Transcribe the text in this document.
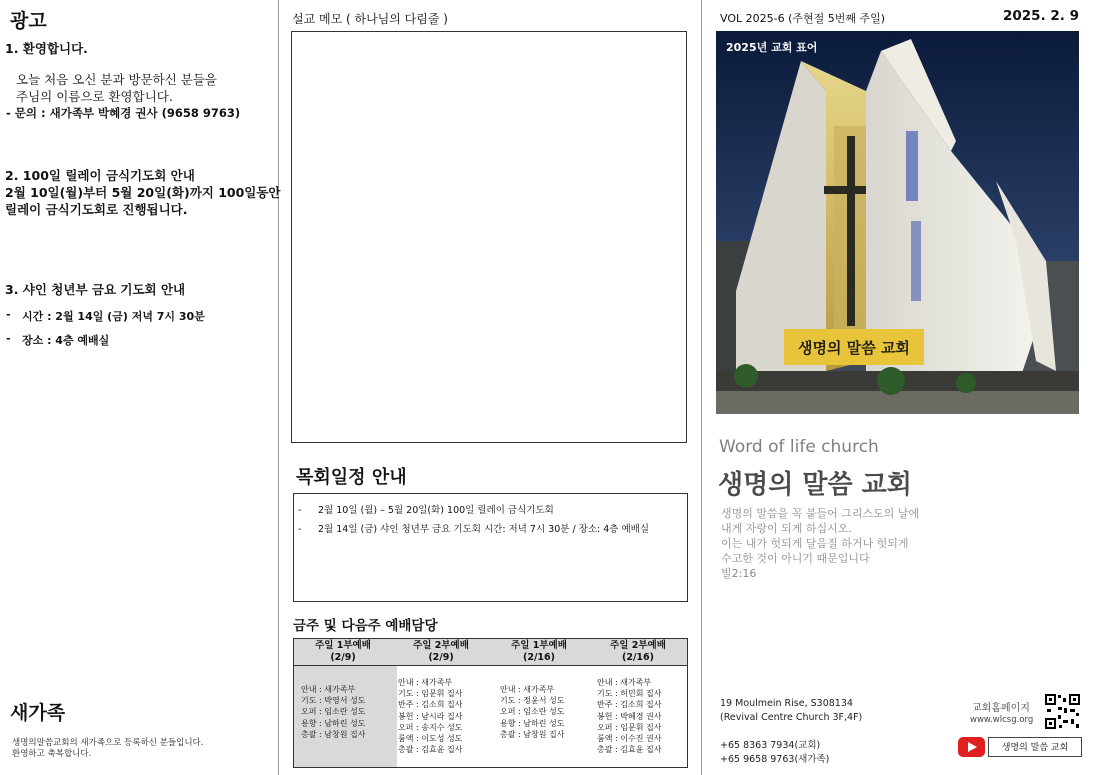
광고
1. 환영합니다.
오늘 처음 오신 분과 방문하신 분들을
주님의 이름으로 환영합니다.
- 문의 : 새가족부 박혜경 권사 (9658 9763)
2. 100일 릴레이 금식기도회 안내
2월 10일(월)부터 5월 20일(화)까지 100일동안
릴레이 금식기도회로 진행됩니다.
3. 샤인 청년부 금요 기도회 안내
- 시간 : 2월 14일 (금) 저녁 7시 30분
- 장소 : 4층 예배실
새가족
생명의말씀교회의 새가족으로 등록하신 분들입니다.
환영하고 축복합니다.
설교 메모 ( 하나님의 다림줄 )
목회일정 안내
- 2월 10일 (월) – 5월 20일(화) 100일 릴레이 금식기도회
- 2월 14일 (금) 샤인 청년부 금요 기도회 시간: 저녁 7시 30분 / 장소: 4층 예배실
금주 및 다음주 예배담당
주일 1부예배
(2/9)
주일 2부예배
(2/9)
주일 1부예배
(2/16)
주일 2부예배
(2/16)
안내 : 새가족부
기도 : 박영서 성도
오퍼 : 임소란 성도
용향 : 남하린 성도
총괄 : 남창원 집사
안내 : 새가족부
기도 : 임문휘 집사
반주 : 김소희 집사
봉헌 : 남시라 집사
오퍼 : 송지수 성도
룸액 : 이도성 성도
총괄 : 김효윤 집사
안내 : 새가족부
기도 : 정윤서 성도
오퍼 : 임소란 성도
용향 : 남하린 성도
총괄 : 남창원 집사
안내 : 새가족부
기도 : 허민회 집사
반주 : 김소희 집사
봉헌 : 박혜경 권사
오퍼 : 임문휘 집사
룸액 : 이수진 권사
총괄 : 김효윤 집사
VOL 2025-6 (주현절 5번째 주일)	2025. 2. 9
2025년 교회 표어
생명의 말씀 교회
Word of life church
생명의 말씀 교회
생명의 말씀을 꼭 붙들어 그리스도의 날에
내게 자랑이 되게 하십시오.
이는 내가 헛되게 달음질 하거나 헛되게
수고한 것이 아니기 때문입니다
빌2:16
19 Moulmein Rise, S308134
(Revival Centre Church 3F,4F)
+65 8363 7934(교회)
+65 9658 9763(새가족)
교회홈페이지
www.wlcsg.org
생명의 말씀 교회
